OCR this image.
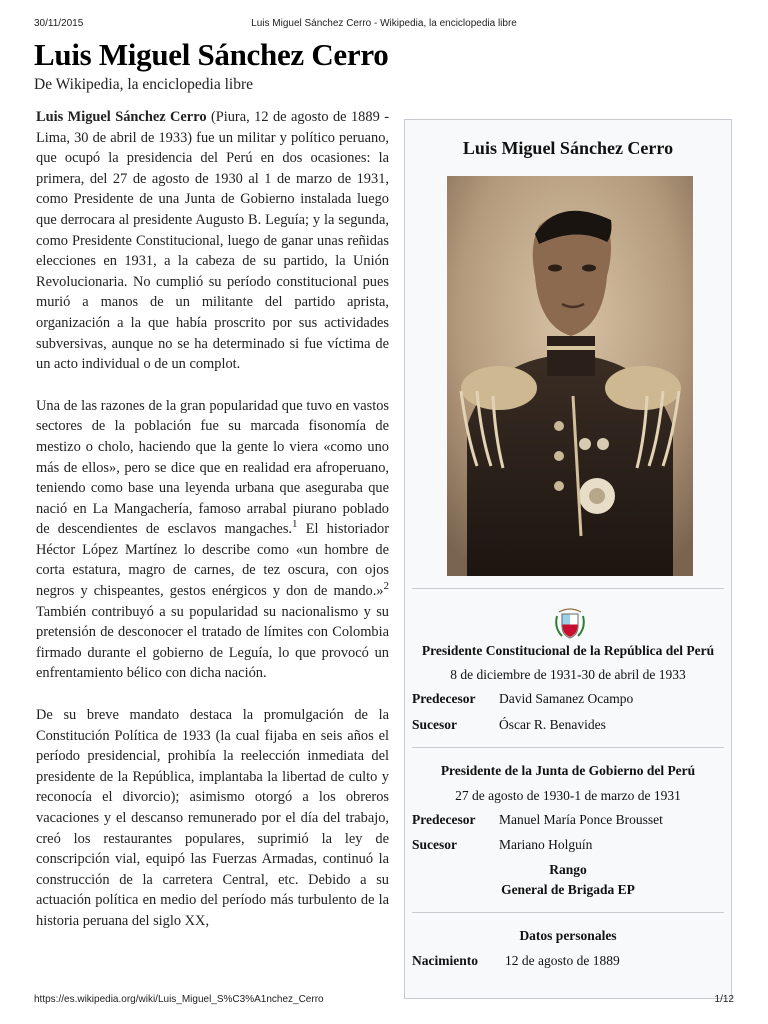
30/11/2015	Luis Miguel Sánchez Cerro - Wikipedia, la enciclopedia libre
Luis Miguel Sánchez Cerro
De Wikipedia, la enciclopedia libre

Luis Miguel Sánchez Cerro (Piura, 12 de agosto de 1889 - Lima, 30 de abril de 1933) fue un militar y político peruano, que ocupó la presidencia del Perú en dos ocasiones: la primera, del 27 de agosto de 1930 al 1 de marzo de 1931, como Presidente de una Junta de Gobierno instalada luego que derrocara al presidente Augusto B. Leguía; y la segunda, como Presidente Constitucional, luego de ganar unas reñidas elecciones en 1931, a la cabeza de su partido, la Unión Revolucionaria. No cumplió su período constitucional pues murió a manos de un militante del partido aprista, organización a la que había proscrito por sus actividades subversivas, aunque no se ha determinado si fue víctima de un acto individual o de un complot.

Una de las razones de la gran popularidad que tuvo en vastos sectores de la población fue su marcada fisonomía de mestizo o cholo, haciendo que la gente lo viera «como uno más de ellos», pero se dice que en realidad era afroperuano, teniendo como base una leyenda urbana que aseguraba que nació en La Mangachería, famoso arrabal piurano poblado de descendientes de esclavos mangaches.$^1$ El historiador Héctor López Martínez lo describe como «un hombre de corta estatura, magro de carnes, de tez oscura, con ojos negros y chispeantes, gestos enérgicos y don de mando.»$^2$ También contribuyó a su popularidad su nacionalismo y su pretensión de desconocer el tratado de límites con Colombia firmado durante el gobierno de Leguía, lo que provocó un enfrentamiento bélico con dicha nación.

De su breve mandato destaca la promulgación de la Constitución Política de 1933 (la cual fijaba en seis años el período presidencial, prohibía la reelección inmediata del presidente de la República, implantaba la libertad de culto y reconocía el divorcio); asimismo otorgó a los obreros vacaciones y el descanso remunerado por el día del trabajo, creó los restaurantes populares, suprimió la ley de conscripción vial, equipó las Fuerzas Armadas, continuó la construcción de la carretera Central, etc. Debido a su actuación política en medio del período más turbulento de la historia peruana del siglo XX,

Luis Miguel Sánchez Cerro
Presidente Constitucional de la República del Perú
8 de diciembre de 1931-30 de abril de 1933
Predecesor David Samanez Ocampo
Sucesor	Óscar R. Benavides
Presidente de la Junta de Gobierno del Perú
27 de agosto de 1930-1 de marzo de 1931
Predecesor Manuel María Ponce Brousset
Sucesor	Mariano Holguín
Rango
General de Brigada EP
Datos personales
Nacimiento 12 de agosto de 1889
https://es.wikipedia.org/wiki/Luis_Miguel_S%C3%A1nchez_Cerro	1/12
